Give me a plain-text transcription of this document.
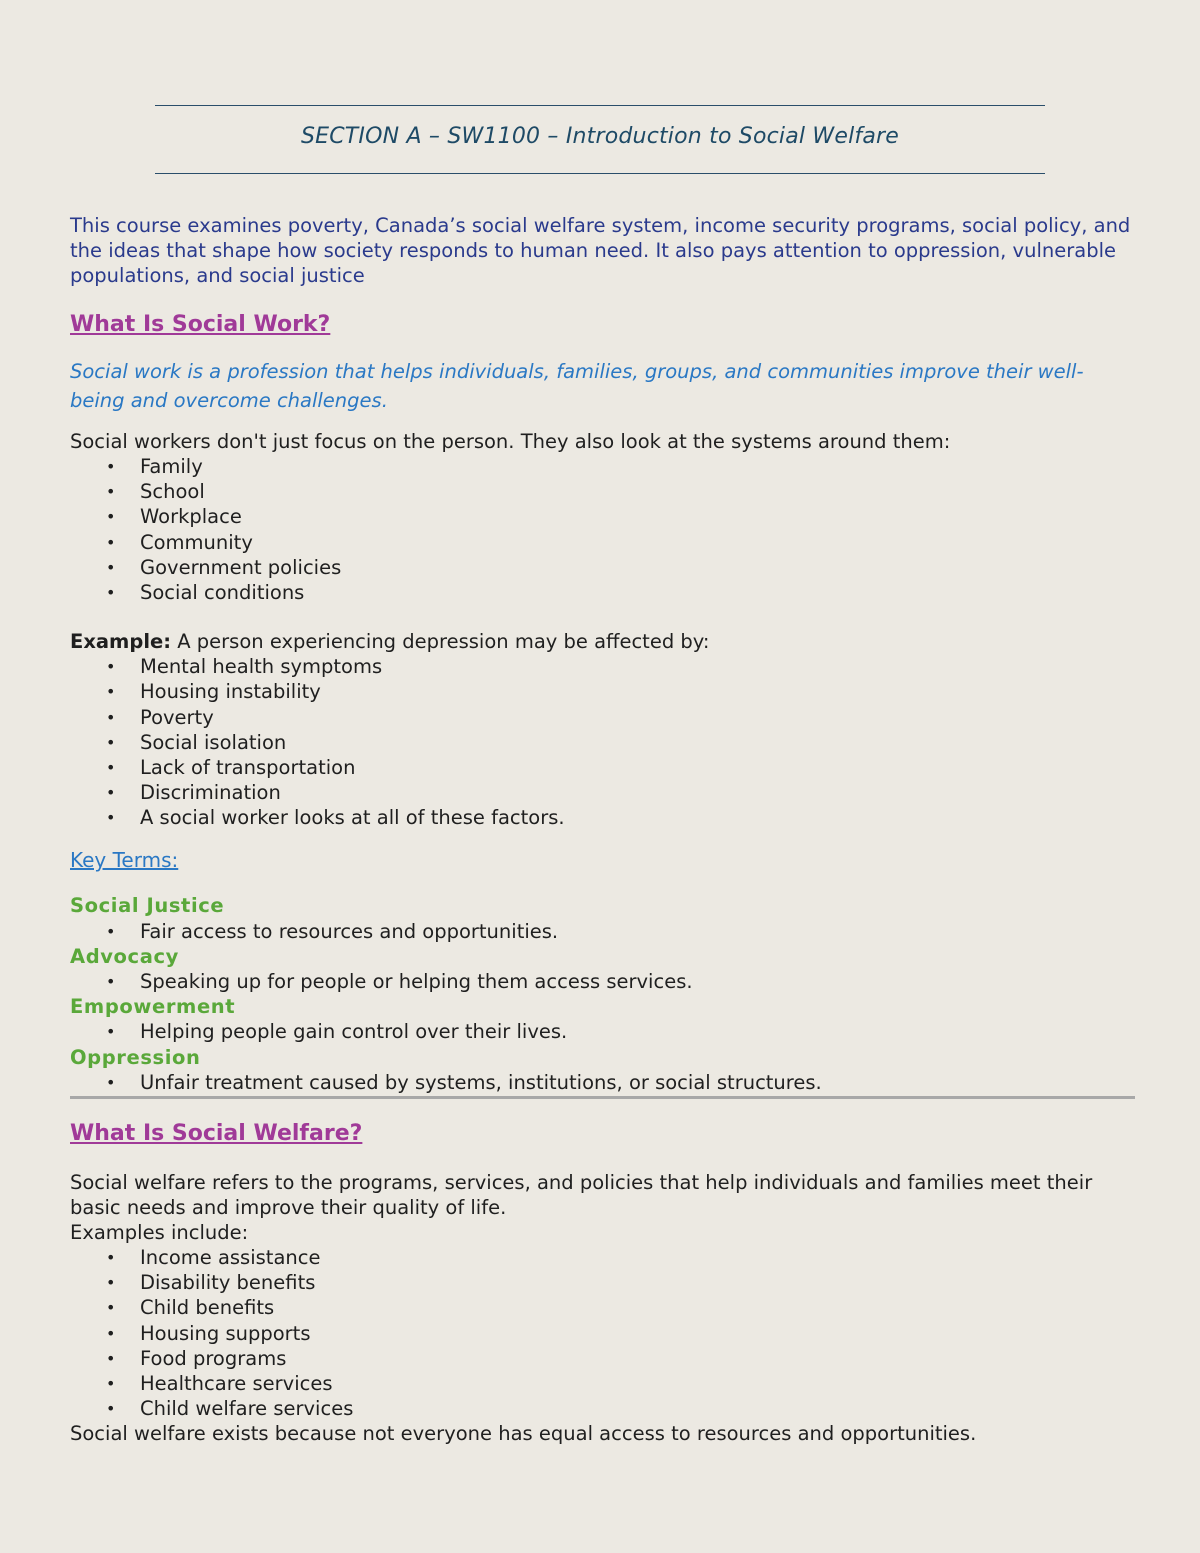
SECTION A – SW1100 – Introduction to Social Welfare

This course examines poverty, Canada’s social welfare system, income security programs, social policy, and the ideas that shape how society responds to human need. It also pays attention to oppression, vulnerable populations, and social justice

What Is Social Work?

Social work is a profession that helps individuals, families, groups, and communities improve their well-being and overcome challenges.

Social workers don't just focus on the person. They also look at the systems around them:

• Family
• School
• Workplace
• Community
• Government policies
• Social conditions

Example: A person experiencing depression may be affected by:

• Mental health symptoms
• Housing instability
• Poverty
• Social isolation
• Lack of transportation
• Discrimination
• A social worker looks at all of these factors.

Key Terms:

Social Justice

• Fair access to resources and opportunities.

Advocacy

• Speaking up for people or helping them access services.

Empowerment

• Helping people gain control over their lives.

Oppression

• Unfair treatment caused by systems, institutions, or social structures.
What Is Social Welfare?

Social welfare refers to the programs, services, and policies that help individuals and families meet their basic needs and improve their quality of life.

Examples include:

• Income assistance
• Disability benefits
• Child benefits
• Housing supports
• Food programs
• Healthcare services
• Child welfare services

Social welfare exists because not everyone has equal access to resources and opportunities.
